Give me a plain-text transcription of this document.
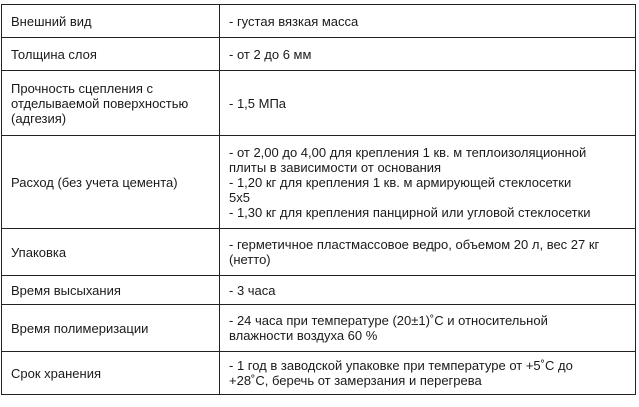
Внешний вид	- густая вязкая масса
Толщина слоя	- от 2 до 6 мм
Прочность сцепления с
отделываемой поверхностью
(адгезия)	- 1,5 МПа
Расход (без учета цемента)	- от 2,00 до 4,00 для крепления 1 кв. м теплоизоляционной
плиты в зависимости от основания
- 1,20 кг для крепления 1 кв. м армирующей стеклосетки
5х5
- 1,30 кг для крепления панцирной или угловой стеклосетки
Упаковка	- герметичное пластмассовое ведро, объемом 20 л, вес 27 кг
(нетто)
Время высыхания	- 3 часа
Время полимеризации	- 24 часа при температуре (20±1)˚С и относительной
влажности воздуха 60 %
Срок хранения	- 1 год в заводской упаковке при температуре от +5˚С до
+28˚С, беречь от замерзания и перегрева
